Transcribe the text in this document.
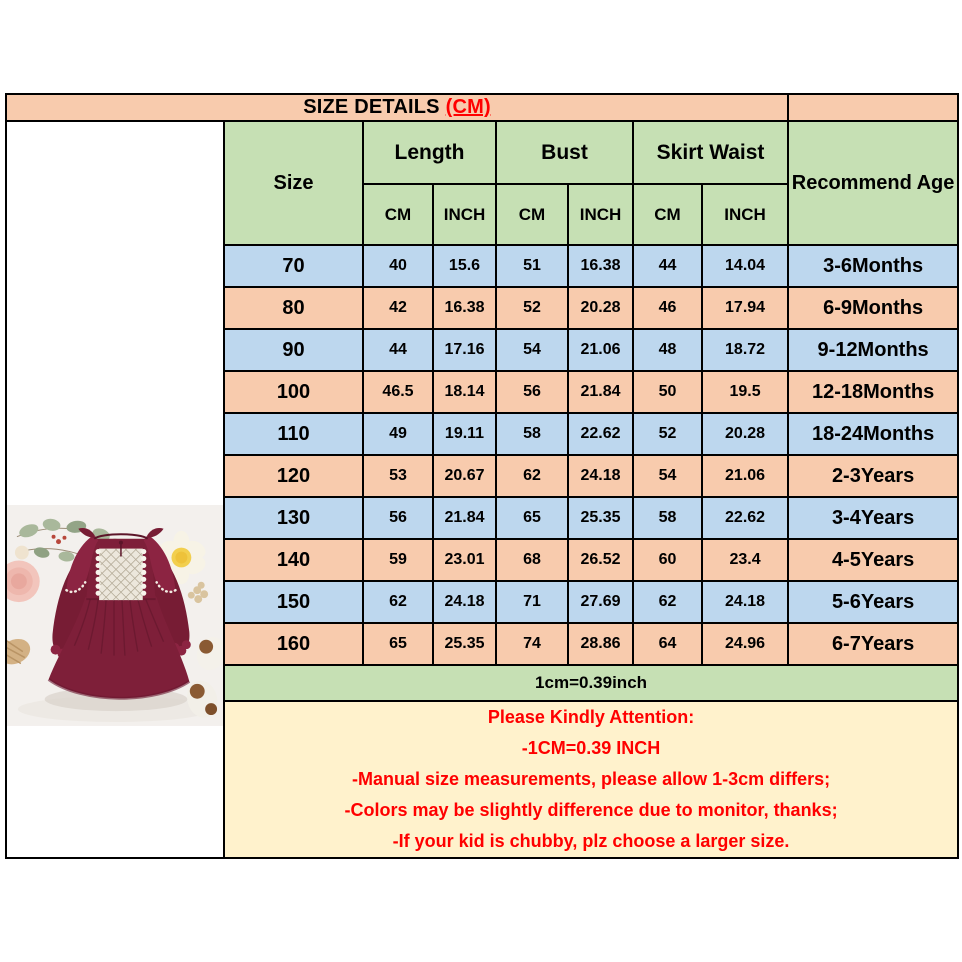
SIZE DETAILS (CM)								

	Size	Length		Bust		Skirt Waist		Recommend Age
		CM	INCH	CM	INCH	CM	INCH	
	70	40	15.6	51	16.38	44	14.04	3-6Months
	80	42	16.38	52	20.28	46	17.94	6-9Months
	90	44	17.16	54	21.06	48	18.72	9-12Months
	100	46.5	18.14	56	21.84	50	19.5	12-18Months
	110	49	19.11	58	22.62	52	20.28	18-24Months
	120	53	20.67	62	24.18	54	21.06	2-3Years
	130	56	21.84	65	25.35	58	22.62	3-4Years
	140	59	23.01	68	26.52	60	23.4	4-5Years
	150	62	24.18	71	27.69	62	24.18	5-6Years
	160	65	25.35	74	28.86	64	24.96	6-7Years
	1cm=0.39inch							

	Please Kindly Attention:
-1CM=0.39 INCH
-Manual size measurements, please allow 1-3cm differs;
-Colors may be slightly difference due to monitor, thanks;
-If your kid is chubby, plz choose a larger size.							
